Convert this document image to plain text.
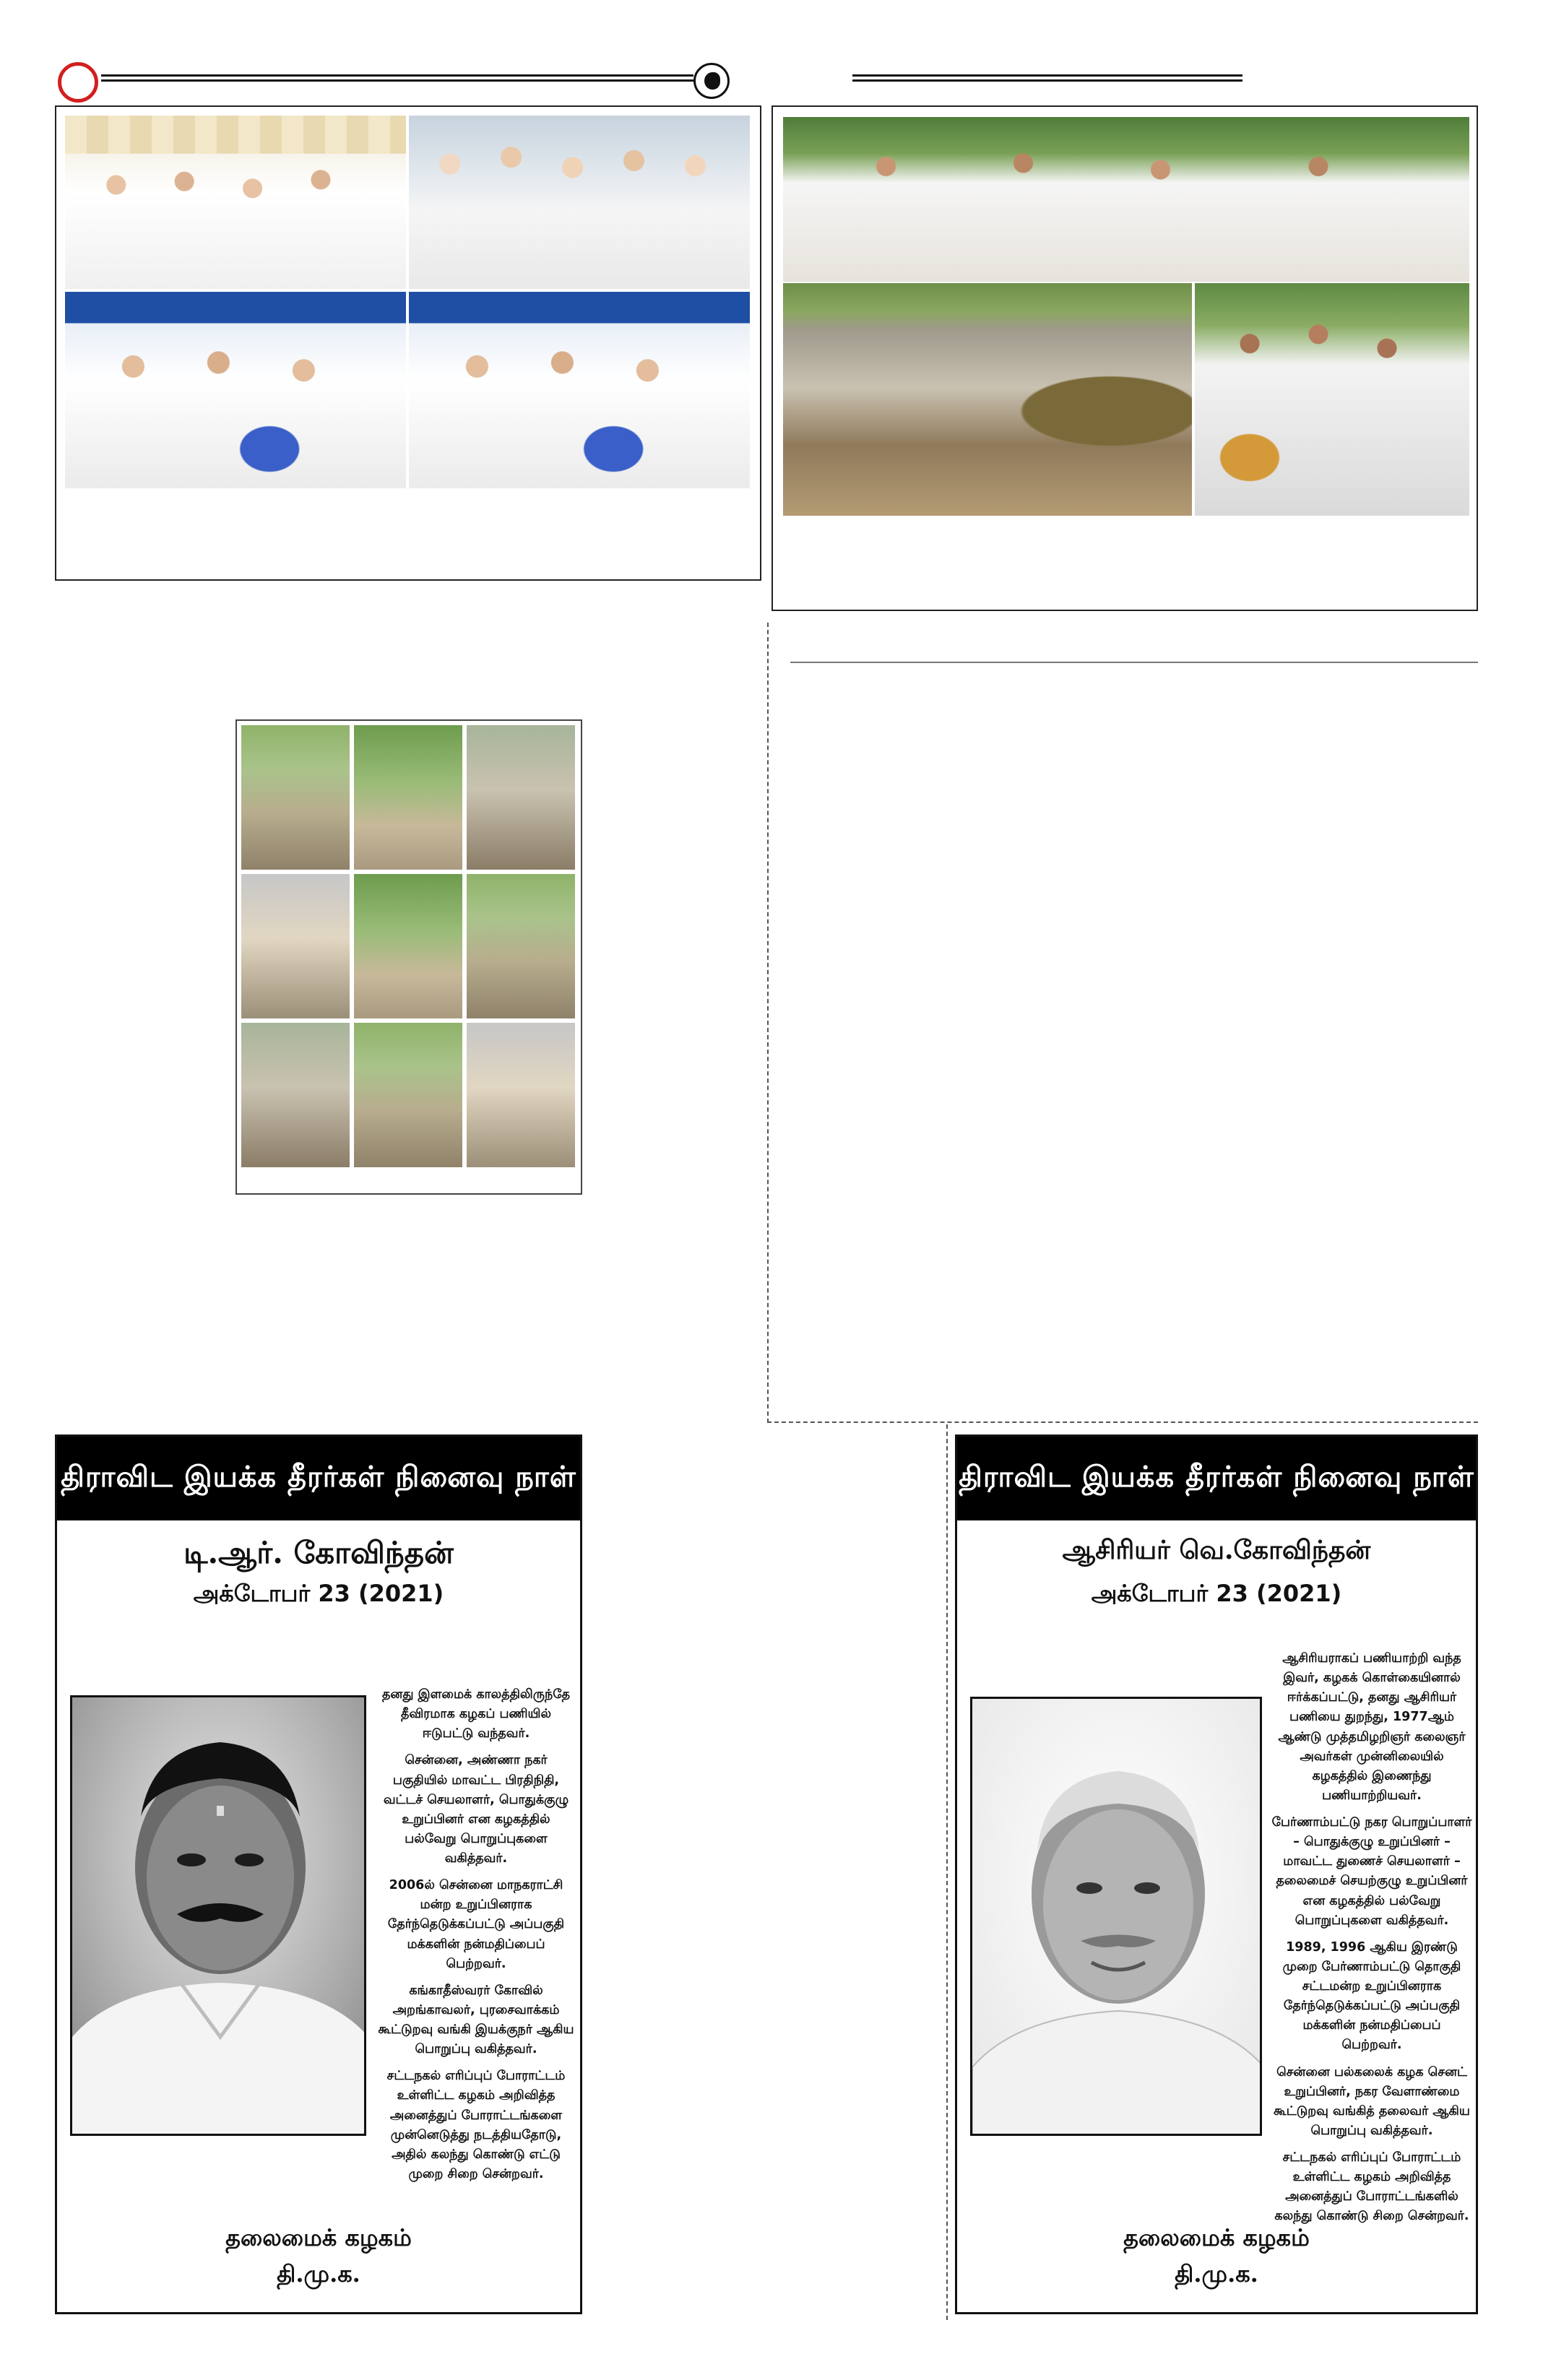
திராவிட இயக்க தீரர்கள் நினைவு நாள்
டி.ஆர். கோவிந்தன்
அக்டோபர் 23 (2021)

தனது இளமைக் காலத்திலிருந்தே தீவிரமாக கழகப் பணியில் ஈடுபட்டு வந்தவர்.

சென்னை, அண்ணா நகர் பகுதியில் மாவட்ட பிரதிநிதி, வட்டச் செயலாளர், பொதுக்குழு உறுப்பினர் என கழகத்தில் பல்வேறு பொறுப்புகளை வகித்தவர்.

2006ல் சென்னை மாநகராட்சி மன்ற உறுப்பினராக தேர்ந்தெடுக்கப்பட்டு அப்பகுதி மக்களின் நன்மதிப்பைப் பெற்றவர்.

கங்காதீஸ்வரர் கோவில் அறங்காவலர், புரசைவாக்கம் கூட்டுறவு வங்கி இயக்குநர் ஆகிய பொறுப்பு வகித்தவர்.

சட்டநகல் எரிப்புப் போராட்டம் உள்ளிட்ட கழகம் அறிவித்த அனைத்துப் போராட்டங்களை முன்னெடுத்து நடத்தியதோடு, அதில் கலந்து கொண்டு எட்டு முறை சிறை சென்றவர்.

தலைமைக் கழகம்
தி.மு.க.
திராவிட இயக்க தீரர்கள் நினைவு நாள்
ஆசிரியர் வெ.கோவிந்தன்
அக்டோபர் 23 (2021)

ஆசிரியராகப் பணியாற்றி வந்த இவர், கழகக் கொள்கையினால் ஈர்க்கப்பட்டு, தனது ஆசிரியர் பணியை துறந்து, 1977ஆம் ஆண்டு முத்தமிழறிஞர் கலைஞர் அவர்கள் முன்னிலையில் கழகத்தில் இணைந்து பணியாற்றியவர்.

பேர்ணாம்பட்டு நகர பொறுப்பாளர் – பொதுக்குழு உறுப்பினர் – மாவட்ட துணைச் செயலாளர் – தலைமைச் செயற்குழு உறுப்பினர் என கழகத்தில் பல்வேறு பொறுப்புகளை வகித்தவர்.

1989, 1996 ஆகிய இரண்டு முறை பேர்ணாம்பட்டு தொகுதி சட்டமன்ற உறுப்பினராக தேர்ந்தெடுக்கப்பட்டு அப்பகுதி மக்களின் நன்மதிப்பைப் பெற்றவர்.

சென்னை பல்கலைக் கழக செனட் உறுப்பினர், நகர வேளாண்மை கூட்டுறவு வங்கித் தலைவர் ஆகிய பொறுப்பு வகித்தவர்.

சட்டநகல் எரிப்புப் போராட்டம் உள்ளிட்ட கழகம் அறிவித்த அனைத்துப் போராட்டங்களில் கலந்து கொண்டு சிறை சென்றவர்.

தலைமைக் கழகம்
தி.மு.க.
